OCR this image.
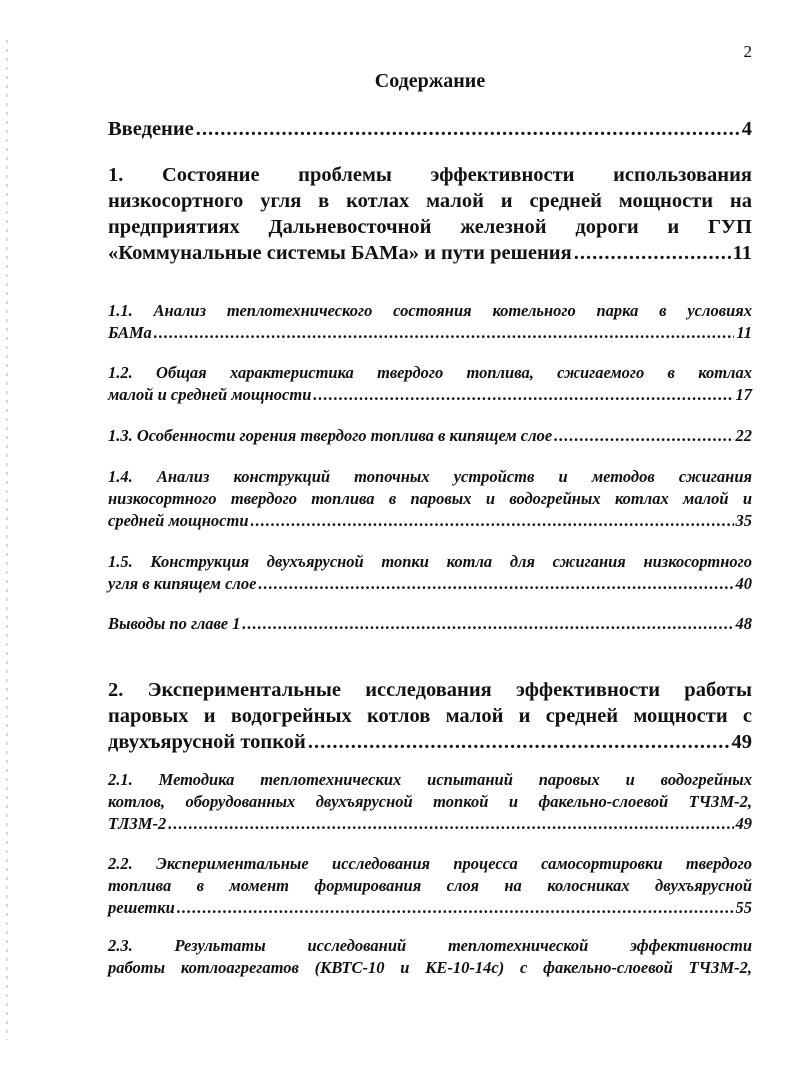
2
Содержание
Введение .....	4
1. Состояние проблемы эффективности использования
низкосортного угля в котлах малой и средней мощности на
предприятиях Дальневосточной железной дороги и ГУП
«Коммунальные системы БАМа» и пути решения .....	11
1.1. Анализ теплотехнического состояния котельного парка в условиях
БАМа .....	11
1.2. Общая характеристика твердого топлива, сжигаемого в котлах
малой и средней мощности .....	17
1.3. Особенности горения твердого топлива в кипящем слое .....	22
1.4. Анализ конструкций топочных устройств и методов сжигания
низкосортного твердого топлива в паровых и водогрейных котлах малой и
средней мощности .....	35
1.5. Конструкция двухъярусной топки котла для сжигания низкосортного
угля в кипящем слое .....	40
Выводы по главе 1 .....	48
2. Экспериментальные исследования эффективности работы
паровых и водогрейных котлов малой и средней мощности с
двухъярусной топкой .....	49
2.1. Методика теплотехнических испытаний паровых и водогрейных
котлов, оборудованных двухъярусной топкой и факельно-слоевой ТЧЗМ-2,
ТЛЗМ-2 .....	49
2.2. Экспериментальные исследования процесса самосортировки твердого
топлива в момент формирования слоя на колосниках двухъярусной
решетки .....	55
2.3. Результаты исследований теплотехнической эффективности
работы котлоагрегатов (КВТС-10 и КЕ-10-14с) с факельно-слоевой ТЧЗМ-2,
